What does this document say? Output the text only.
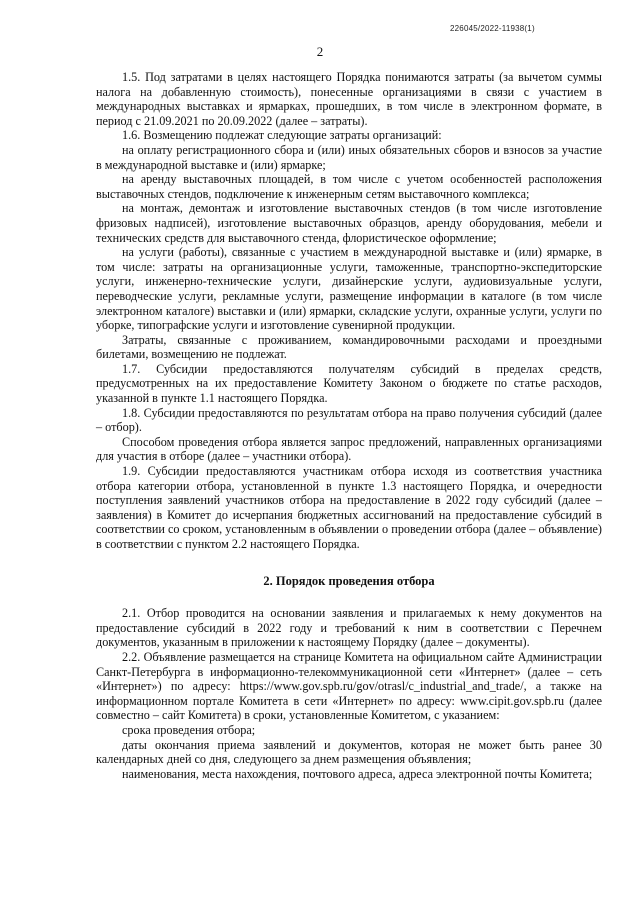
226045/2022-11938(1)
2

1.5. Под затратами в целях настоящего Порядка понимаются затраты (за вычетом суммы налога на добавленную стоимость), понесенные организациями в связи с участием в международных выставках и ярмарках, прошедших, в том числе в электронном формате, в период с 21.09.2021 по 20.09.2022 (далее – затраты).

1.6. Возмещению подлежат следующие затраты организаций:

на оплату регистрационного сбора и (или) иных обязательных сборов и взносов за участие в международной выставке и (или) ярмарке;

на аренду выставочных площадей, в том числе с учетом особенностей расположения выставочных стендов, подключение к инженерным сетям выставочного комплекса;

на монтаж, демонтаж и изготовление выставочных стендов (в том числе изготовление фризовых надписей), изготовление выставочных образцов, аренду оборудования, мебели и технических средств для выставочного стенда, флористическое оформление;

на услуги (работы), связанные с участием в международной выставке и (или) ярмарке, в том числе: затраты на организационные услуги, таможенные, транспортно-экспедиторские услуги, инженерно-технические услуги, дизайнерские услуги, аудиовизуальные услуги, переводческие услуги, рекламные услуги, размещение информации в каталоге (в том числе электронном каталоге) выставки и (или) ярмарки, складские услуги, охранные услуги, услуги по уборке, типографские услуги и изготовление сувенирной продукции.

Затраты, связанные с проживанием, командировочными расходами и проездными билетами, возмещению не подлежат.

1.7. Субсидии предоставляются получателям субсидий в пределах средств, предусмотренных на их предоставление Комитету Законом о бюджете по статье расходов, указанной в пункте 1.1 настоящего Порядка.

1.8. Субсидии предоставляются по результатам отбора на право получения субсидий (далее – отбор).

Способом проведения отбора является запрос предложений, направленных организациями для участия в отборе (далее – участники отбора).

1.9. Субсидии предоставляются участникам отбора исходя из соответствия участника отбора категории отбора, установленной в пункте 1.3 настоящего Порядка, и очередности поступления заявлений участников отбора на предоставление в 2022 году субсидий (далее – заявления) в Комитет до исчерпания бюджетных ассигнований на предоставление субсидий в соответствии со сроком, установленным в объявлении о проведении отбора (далее – объявление) в соответствии с пунктом 2.2 настоящего Порядка.

2. Порядок проведения отбора

2.1. Отбор проводится на основании заявления и прилагаемых к нему документов на предоставление субсидий в 2022 году и требований к ним в соответствии с Перечнем документов, указанным в приложении к настоящему Порядку (далее – документы).

2.2. Объявление размещается на странице Комитета на официальном сайте Администрации Санкт-Петербурга в информационно-телекоммуникационной сети «Интернет» (далее – сеть «Интернет») по адресу: https://www.gov.spb.ru/gov/otrasl/c_industrial_and_trade/, а также на информационном портале Комитета в сети «Интернет» по адресу: www.cipit.gov.spb.ru (далее совместно – сайт Комитета) в сроки, установленные Комитетом, с указанием:

срока проведения отбора;

даты окончания приема заявлений и документов, которая не может быть ранее 30 календарных дней со дня, следующего за днем размещения объявления;

наименования, места нахождения, почтового адреса, адреса электронной почты Комитета;
